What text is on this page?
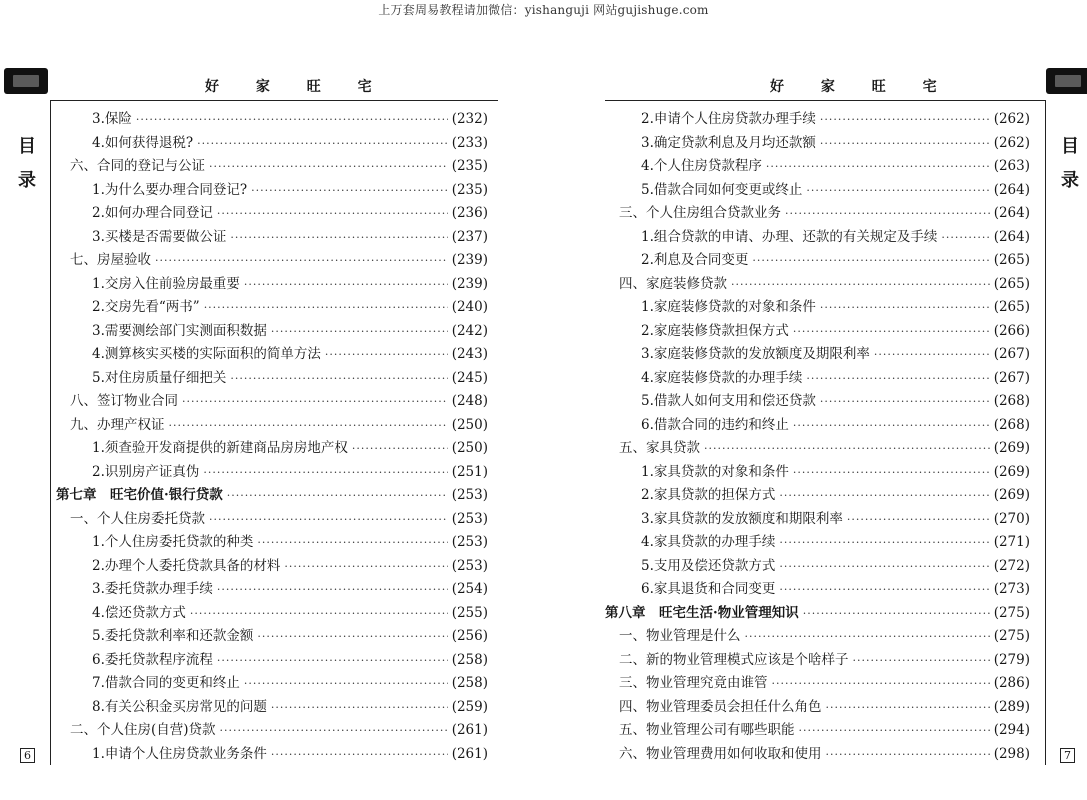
上万套周易教程请加微信：yishanguji 网站gujishuge.com
好 家 旺 宅
目
录
3.保险 ·····	(232)
4.如何获得退税? ·····	(233)
六、合同的登记与公证 ·····	(235)
1.为什么要办理合同登记? ·····	(235)
2.如何办理合同登记 ·····	(236)
3.买楼是否需要做公证 ·····	(237)
七、房屋验收 ·····	(239)
1.交房入住前验房最重要 ·····	(239)
2.交房先看“两书” ·····	(240)
3.需要测绘部门实测面积数据 ·····	(242)
4.测算核实买楼的实际面积的简单方法 ·····	(243)
5.对住房质量仔细把关 ·····	(245)
八、签订物业合同 ·····	(248)
九、办理产权证 ·····	(250)
1.须查验开发商提供的新建商品房房地产权 ·····	(250)
2.识别房产证真伪 ·····	(251)
第七章　旺宅价值·银行贷款 ·····	(253)
一、个人住房委托贷款 ·····	(253)
1.个人住房委托贷款的种类 ·····	(253)
2.办理个人委托贷款具备的材料 ·····	(253)
3.委托贷款办理手续 ·····	(254)
4.偿还贷款方式 ·····	(255)
5.委托贷款利率和还款金额 ·····	(256)
6.委托贷款程序流程 ·····	(258)
7.借款合同的变更和终止 ·····	(258)
8.有关公积金买房常见的问题 ·····	(259)
二、个人住房(自营)贷款 ·····	(261)
1.申请个人住房贷款业务条件 ·····	(261)
6
好 家 旺 宅
目
录
2.申请个人住房贷款办理手续 ·····	(262)
3.确定贷款利息及月均还款额 ·····	(262)
4.个人住房贷款程序 ·····	(263)
5.借款合同如何变更或终止 ·····	(264)
三、个人住房组合贷款业务 ·····	(264)
1.组合贷款的申请、办理、还款的有关规定及手续 ·····	(264)
2.利息及合同变更 ·····	(265)
四、家庭装修贷款 ·····	(265)
1.家庭装修贷款的对象和条件 ·····	(265)
2.家庭装修贷款担保方式 ·····	(266)
3.家庭装修贷款的发放额度及期限利率 ·····	(267)
4.家庭装修贷款的办理手续 ·····	(267)
5.借款人如何支用和偿还贷款 ·····	(268)
6.借款合同的违约和终止 ·····	(268)
五、家具贷款 ·····	(269)
1.家具贷款的对象和条件 ·····	(269)
2.家具贷款的担保方式 ·····	(269)
3.家具贷款的发放额度和期限利率 ·····	(270)
4.家具贷款的办理手续 ·····	(271)
5.支用及偿还贷款方式 ·····	(272)
6.家具退货和合同变更 ·····	(273)
第八章　旺宅生活·物业管理知识 ·····	(275)
一、物业管理是什么 ·····	(275)
二、新的物业管理模式应该是个啥样子 ·····	(279)
三、物业管理究竟由谁管 ·····	(286)
四、物业管理委员会担任什么角色 ·····	(289)
五、物业管理公司有哪些职能 ·····	(294)
六、物业管理费用如何收取和使用 ·····	(298)	7
